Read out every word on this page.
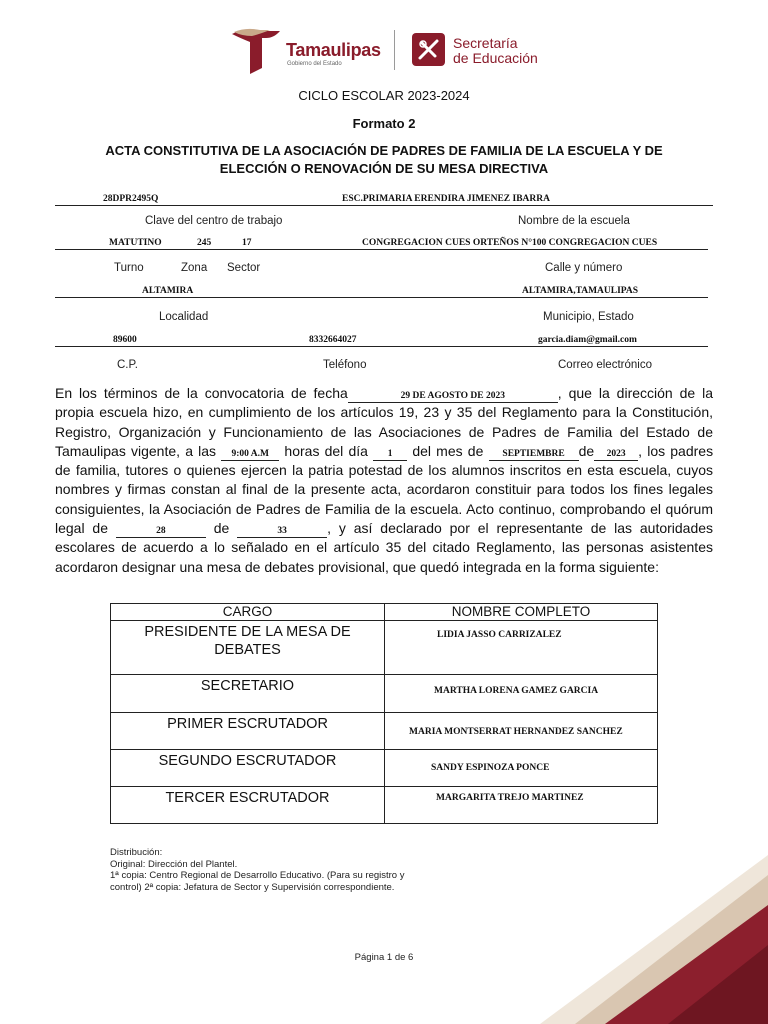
Tamaulipas
Gobierno del Estado
Secretaría
de Educación
CICLO ESCOLAR 2023-2024
Formato 2
ACTA CONSTITUTIVA DE LA ASOCIACIÓN DE PADRES DE FAMILIA DE LA ESCUELA Y DE
ELECCIÓN O RENOVACIÓN DE SU MESA DIRECTIVA
28DPR2495Q	ESC.PRIMARIA ERENDIRA JIMENEZ IBARRA
Clave del centro de trabajo	Nombre de la escuela
MATUTINO	245	17	CONGREGACION CUES ORTEÑOS N°100 CONGREGACION CUES
Turno	Zona Sector	Calle y número
ALTAMIRA	ALTAMIRA,TAMAULIPAS
Localidad	Municipio, Estado
89600	8332664027	garcia.diam@gmail.com
C.P.	Teléfono	Correo electrónico
En los términos de la convocatoria de fecha	29 DE AGOSTO DE 2023	, que la dirección de la propia escuela hizo, en cumplimiento de los artículos 19, 23 y 35 del Reglamento para la Constitución, Registro, Organización y Funcionamiento de las Asociaciones de Padres de Familia del Estado de Tamaulipas vigente, a las 9:00 A.M horas del día 1 del mes de SEPTIEMBRE de 2023 , los padres de familia, tutores o quienes ejercen la patria potestad de los alumnos inscritos en esta escuela, cuyos nombres y firmas constan al final de la presente acta, acordaron constituir para todos los fines legales consiguientes, la Asociación de Padres de Familia de la escuela. Acto continuo, comprobando el quórum legal de	28	de	33	, y así declarado por el representante de las autoridades escolares de acuerdo a lo señalado en el artículo 35 del citado Reglamento, las personas asistentes acordaron designar una mesa de debates provisional, que quedó integrada en la forma siguiente:
CARGO	NOMBRE COMPLETO
PRESIDENTE DE LA MESA DE DEBATES	LIDIA JASSO CARRIZALEZ
SECRETARIO	MARTHA LORENA GAMEZ GARCIA
PRIMER ESCRUTADOR	MARIA MONTSERRAT HERNANDEZ SANCHEZ
SEGUNDO ESCRUTADOR	SANDY ESPINOZA PONCE
TERCER ESCRUTADOR	MARGARITA TREJO MARTINEZ
Distribución:
Original: Dirección del Plantel.
1ª copia: Centro Regional de Desarrollo Educativo. (Para su registro y control) 2ª copia: Jefatura de Sector y Supervisión correspondiente.
Página 1 de 6
